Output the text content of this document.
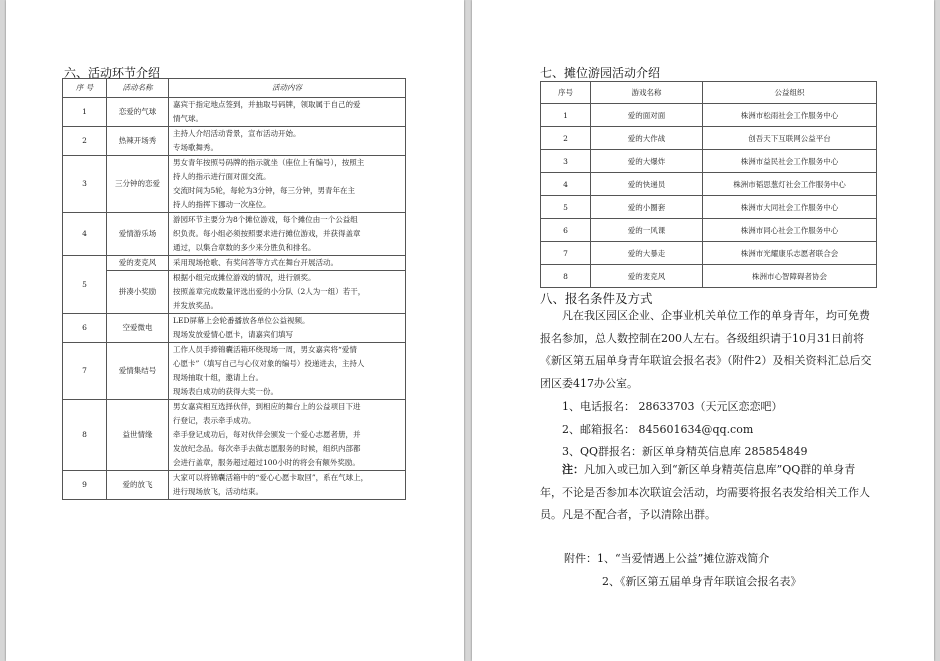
六、活动环节介绍
序 号	活动名称	活动内容
1	恋爱的气球	嘉宾于指定地点签到，并抽取号码牌，领取属于自己的爱
情气球。

2	热辣开场秀	主持人介绍活动背景，宣布活动开始。
专场歌舞秀。

3	三分钟的恋爱	男女青年按照号码牌的指示就坐（座位上有编号），按照主
持人的指示进行面对面交流。
交流时间为5轮，每轮为3分钟，每三分钟，男青年在主
持人的指挥下挪动一次座位。

4	爱情游乐场	游园环节主要分为8个摊位游戏，每个摊位由一个公益组
织负责。每小组必须按照要求进行摊位游戏，并获得盖章
通过，以集合章数的多少来分胜负和排名。

5	爱的麦克风	采用现场抢歌、有奖问答等方式在舞台开展活动。

	拼凑小奖励	根据小组完成摊位游戏的情况，进行颁奖。
按照盖章完成数量评选出爱的小分队（2人为一组）若干，
并发放奖品。

6	空爱微电	LED屏幕上会轮番播放各单位公益视频。
现场发放爱情心愿卡，请嘉宾们填写

7	爱情集结号	工作人员手捧锦囊活箱环绕现场一周，男女嘉宾将“爱情
心愿卡”（填写自己与心仪对象的编号）投递进去，主持人
现场抽取十组，邀请上台。
现场表白成功的获得大奖一份。

8	益世情缘	男女嘉宾相互选择伙伴，到相应的舞台上的公益项目下进
行登记，表示牵手成功。
牵手登记成功后，每对伙伴会颁发一个爱心志愿者册，并
发放纪念品。每次牵手去做志愿服务的时候，组织内部都
会进行盖章，服务超过超过100小时的将会有额外奖励。

9	爱的放飞	大家可以将锦囊活箱中的“爱心心愿卡取回”，系在气球上，
进行现场放飞，活动结束。
七、摊位游园活动介绍
序号	游戏名称	公益组织
1	爱的面对面	株洲市松雨社会工作服务中心
2	爱的大作战	创吾天下互联网公益平台
3	爱的大爆炸	株洲市益民社会工作服务中心
4	爱的快递员	株洲市韬思葱灯社会工作服务中心
5	爱的小圈套	株洲市大同社会工作服务中心
6	爱的一风课	株洲市同心社会工作服务中心
7	爱的大暴走	株洲市光耀康乐志愿者联合会
8	爱的麦克风	株洲市心智障碍者协会
八、报名条件及方式
凡在我区园区企业、企事业机关单位工作的单身青年，均可免费报名参加，总人数控制在200人左右。各级组织请于10月31日前将《新区第五届单身青年联谊会报名表》（附件2）及相关资料汇总后交团区委417办公室。
1、电话报名： 28633703（天元区恋恋吧）
2、邮箱报名： 845601634@qq.com
3、QQ群报名：新区单身精英信息库 285854849
注：凡加入或已加入到“新区单身精英信息库”QQ群的单身青年，不论是否参加本次联谊会活动，均需要将报名表发给相关工作人员。凡是不配合者，予以清除出群。
附件：1、“当爱情遇上公益”摊位游戏简介
2、《新区第五届单身青年联谊会报名表》
